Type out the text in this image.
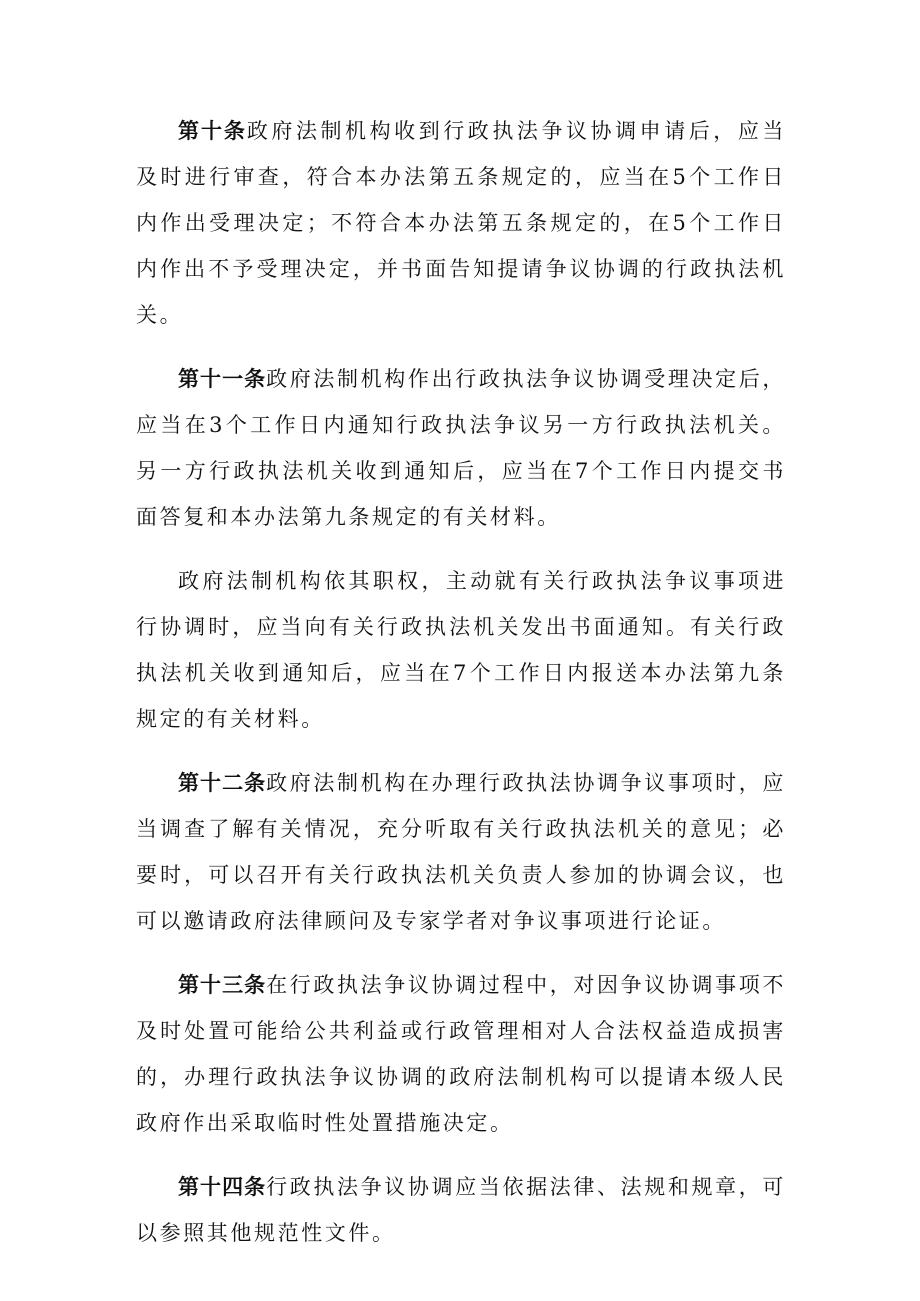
第十条政府法制机构收到行政执法争议协调申请后，应当及时进行审查，符合本办法第五条规定的，应当在5个工作日内作出受理决定；不符合本办法第五条规定的，在5个工作日内作出不予受理决定，并书面告知提请争议协调的行政执法机关。

第十一条政府法制机构作出行政执法争议协调受理决定后，应当在3个工作日内通知行政执法争议另一方行政执法机关。另一方行政执法机关收到通知后，应当在7个工作日内提交书面答复和本办法第九条规定的有关材料。

政府法制机构依其职权，主动就有关行政执法争议事项进行协调时，应当向有关行政执法机关发出书面通知。有关行政执法机关收到通知后，应当在7个工作日内报送本办法第九条规定的有关材料。

第十二条政府法制机构在办理行政执法协调争议事项时，应当调查了解有关情况，充分听取有关行政执法机关的意见；必要时，可以召开有关行政执法机关负责人参加的协调会议，也可以邀请政府法律顾问及专家学者对争议事项进行论证。

第十三条在行政执法争议协调过程中，对因争议协调事项不及时处置可能给公共利益或行政管理相对人合法权益造成损害的，办理行政执法争议协调的政府法制机构可以提请本级人民政府作出采取临时性处置措施决定。

第十四条行政执法争议协调应当依据法律、法规和规章，可以参照其他规范性文件。
